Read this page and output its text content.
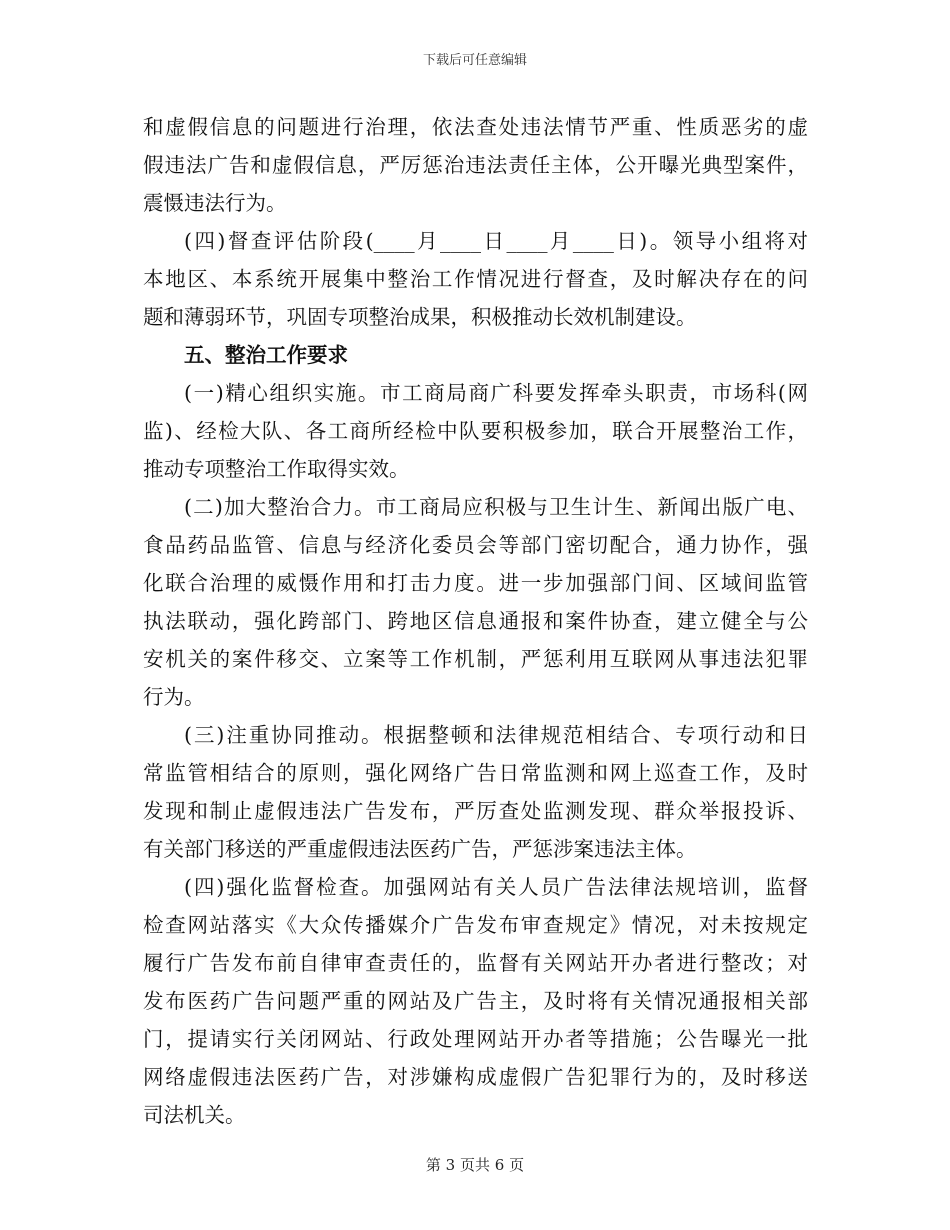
下载后可任意编辑
和虚假信息的问题进行治理，依法查处违法情节严重、性质恶劣的虚
假违法广告和虚假信息，严厉惩治违法责任主体，公开曝光典型案件，
震慑违法行为。
(四)督查评估阶段(____月____日____月____日)。领导小组将对
本地区、本系统开展集中整治工作情况进行督查，及时解决存在的问
题和薄弱环节，巩固专项整治成果，积极推动长效机制建设。
五、整治工作要求
(一)精心组织实施。市工商局商广科要发挥牵头职责，市场科(网
监)、经检大队、各工商所经检中队要积极参加，联合开展整治工作，
推动专项整治工作取得实效。
(二)加大整治合力。市工商局应积极与卫生计生、新闻出版广电、
食品药品监管、信息与经济化委员会等部门密切配合，通力协作，强
化联合治理的威慑作用和打击力度。进一步加强部门间、区域间监管
执法联动，强化跨部门、跨地区信息通报和案件协查，建立健全与公
安机关的案件移交、立案等工作机制，严惩利用互联网从事违法犯罪
行为。
(三)注重协同推动。根据整顿和法律规范相结合、专项行动和日
常监管相结合的原则，强化网络广告日常监测和网上巡查工作，及时
发现和制止虚假违法广告发布，严厉查处监测发现、群众举报投诉、
有关部门移送的严重虚假违法医药广告，严惩涉案违法主体。
(四)强化监督检查。加强网站有关人员广告法律法规培训，监督
检查网站落实《大众传播媒介广告发布审查规定》情况，对未按规定
履行广告发布前自律审查责任的，监督有关网站开办者进行整改；对
发布医药广告问题严重的网站及广告主，及时将有关情况通报相关部
门，提请实行关闭网站、行政处理网站开办者等措施；公告曝光一批
网络虚假违法医药广告，对涉嫌构成虚假广告犯罪行为的，及时移送
司法机关。
第 3 页共 6 页
